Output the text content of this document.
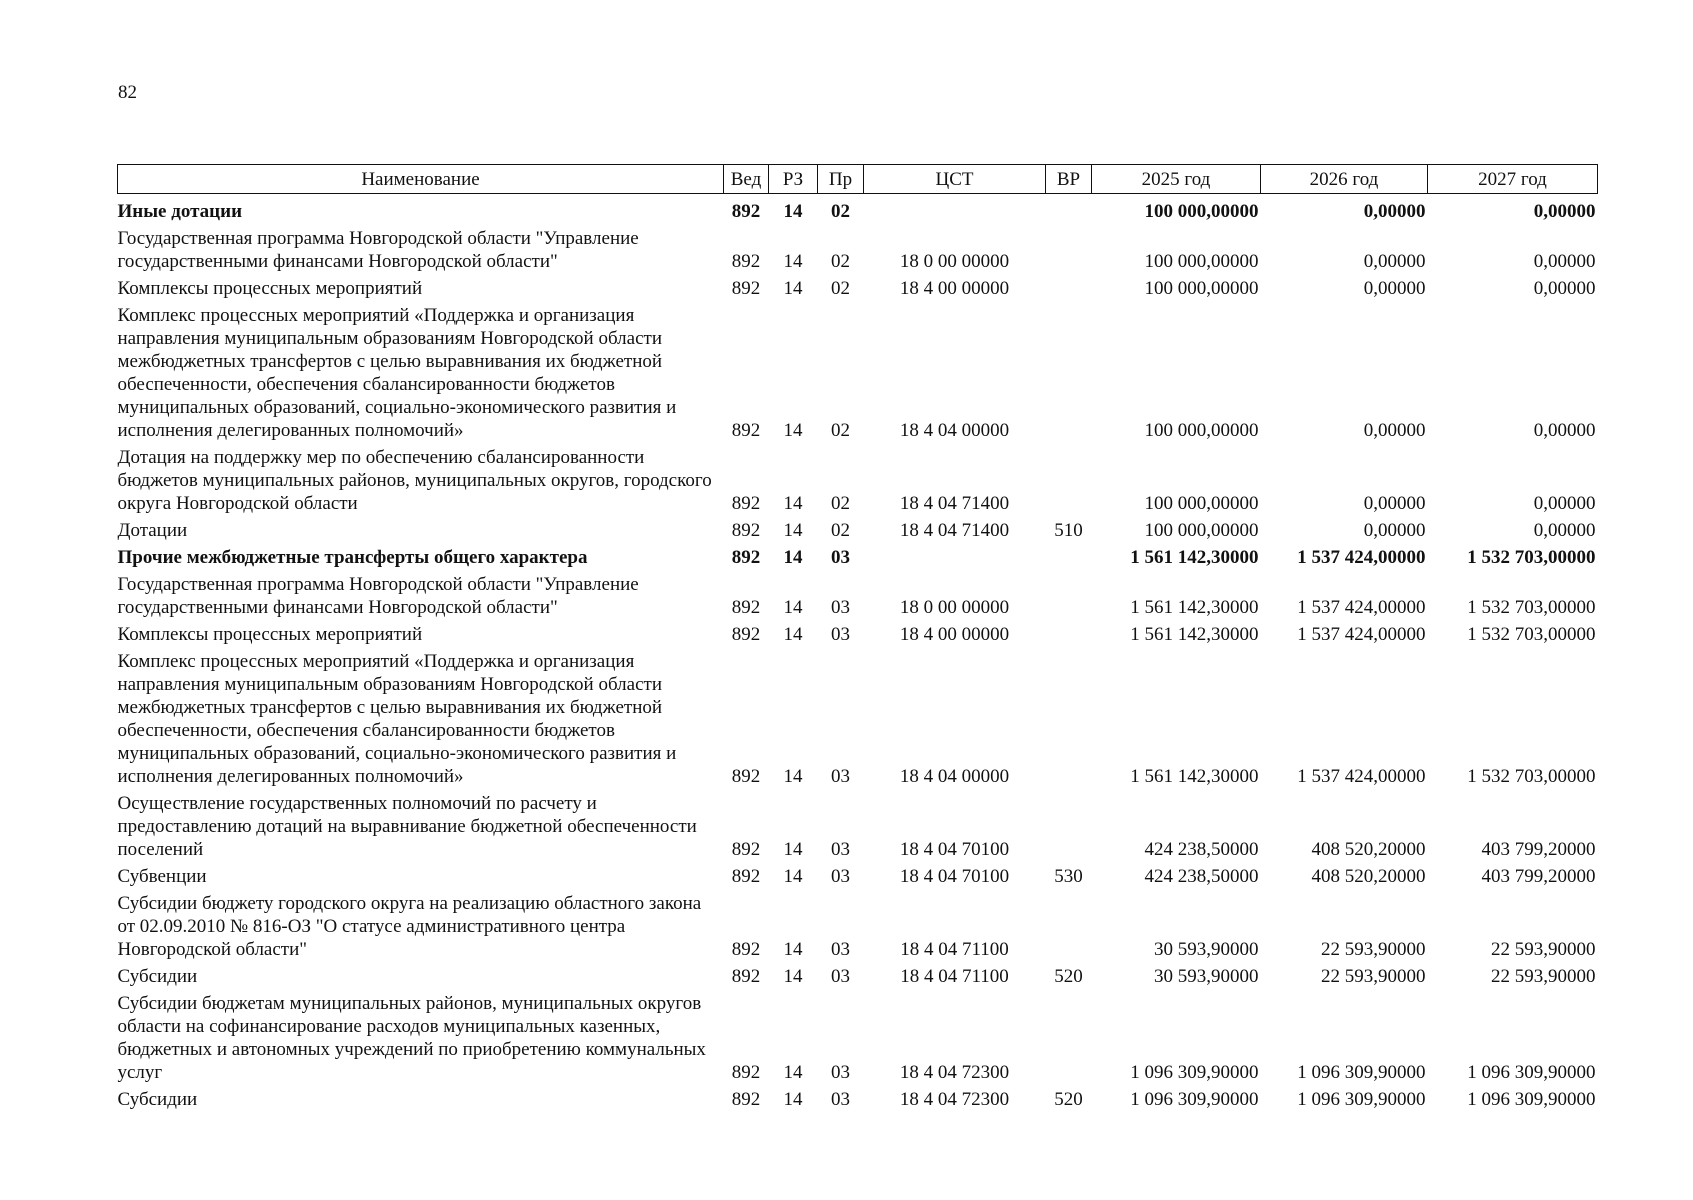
82
Наименование	Вед	РЗ	Пр	ЦСТ	ВР	2025 год	2026 год	2027 год
Иные дотации	892	14	02			100 000,00000	0,00000	0,00000
Государственная программа Новгородской области "Управление государственными финансами Новгородской области"	892	14	02	18 0 00 00000		100 000,00000	0,00000	0,00000
Комплексы процессных мероприятий	892	14	02	18 4 00 00000		100 000,00000	0,00000	0,00000
Комплекс процессных мероприятий «Поддержка и организация направления муниципальным образованиям Новгородской области межбюджетных трансфертов с целью выравнивания их бюджетной обеспеченности, обеспечения сбалансированности бюджетов муниципальных образований, социально-экономического развития и исполнения делегированных полномочий»	892	14	02	18 4 04 00000		100 000,00000	0,00000	0,00000
Дотация на поддержку мер по обеспечению сбалансированности бюджетов муниципальных районов, муниципальных округов, городского округа Новгородской области	892	14	02	18 4 04 71400		100 000,00000	0,00000	0,00000
Дотации	892	14	02	18 4 04 71400	510	100 000,00000	0,00000	0,00000
Прочие межбюджетные трансферты общего характера	892	14	03			1 561 142,30000	1 537 424,00000	1 532 703,00000
Государственная программа Новгородской области "Управление государственными финансами Новгородской области"	892	14	03	18 0 00 00000		1 561 142,30000	1 537 424,00000	1 532 703,00000
Комплексы процессных мероприятий	892	14	03	18 4 00 00000		1 561 142,30000	1 537 424,00000	1 532 703,00000
Комплекс процессных мероприятий «Поддержка и организация направления муниципальным образованиям Новгородской области межбюджетных трансфертов с целью выравнивания их бюджетной обеспеченности, обеспечения сбалансированности бюджетов муниципальных образований, социально-экономического развития и исполнения делегированных полномочий»	892	14	03	18 4 04 00000		1 561 142,30000	1 537 424,00000	1 532 703,00000
Осуществление государственных полномочий по расчету и предоставлению дотаций на выравнивание бюджетной обеспеченности поселений	892	14	03	18 4 04 70100		424 238,50000	408 520,20000	403 799,20000
Субвенции	892	14	03	18 4 04 70100	530	424 238,50000	408 520,20000	403 799,20000
Субсидии бюджету городского округа на реализацию областного закона от 02.09.2010 № 816-ОЗ "О статусе административного центра Новгородской области"	892	14	03	18 4 04 71100		30 593,90000	22 593,90000	22 593,90000
Субсидии	892	14	03	18 4 04 71100	520	30 593,90000	22 593,90000	22 593,90000
Субсидии бюджетам муниципальных районов, муниципальных округов области на софинансирование расходов муниципальных казенных, бюджетных и автономных учреждений по приобретению коммунальных услуг	892	14	03	18 4 04 72300		1 096 309,90000	1 096 309,90000	1 096 309,90000
Субсидии	892	14	03	18 4 04 72300	520	1 096 309,90000	1 096 309,90000	1 096 309,90000
